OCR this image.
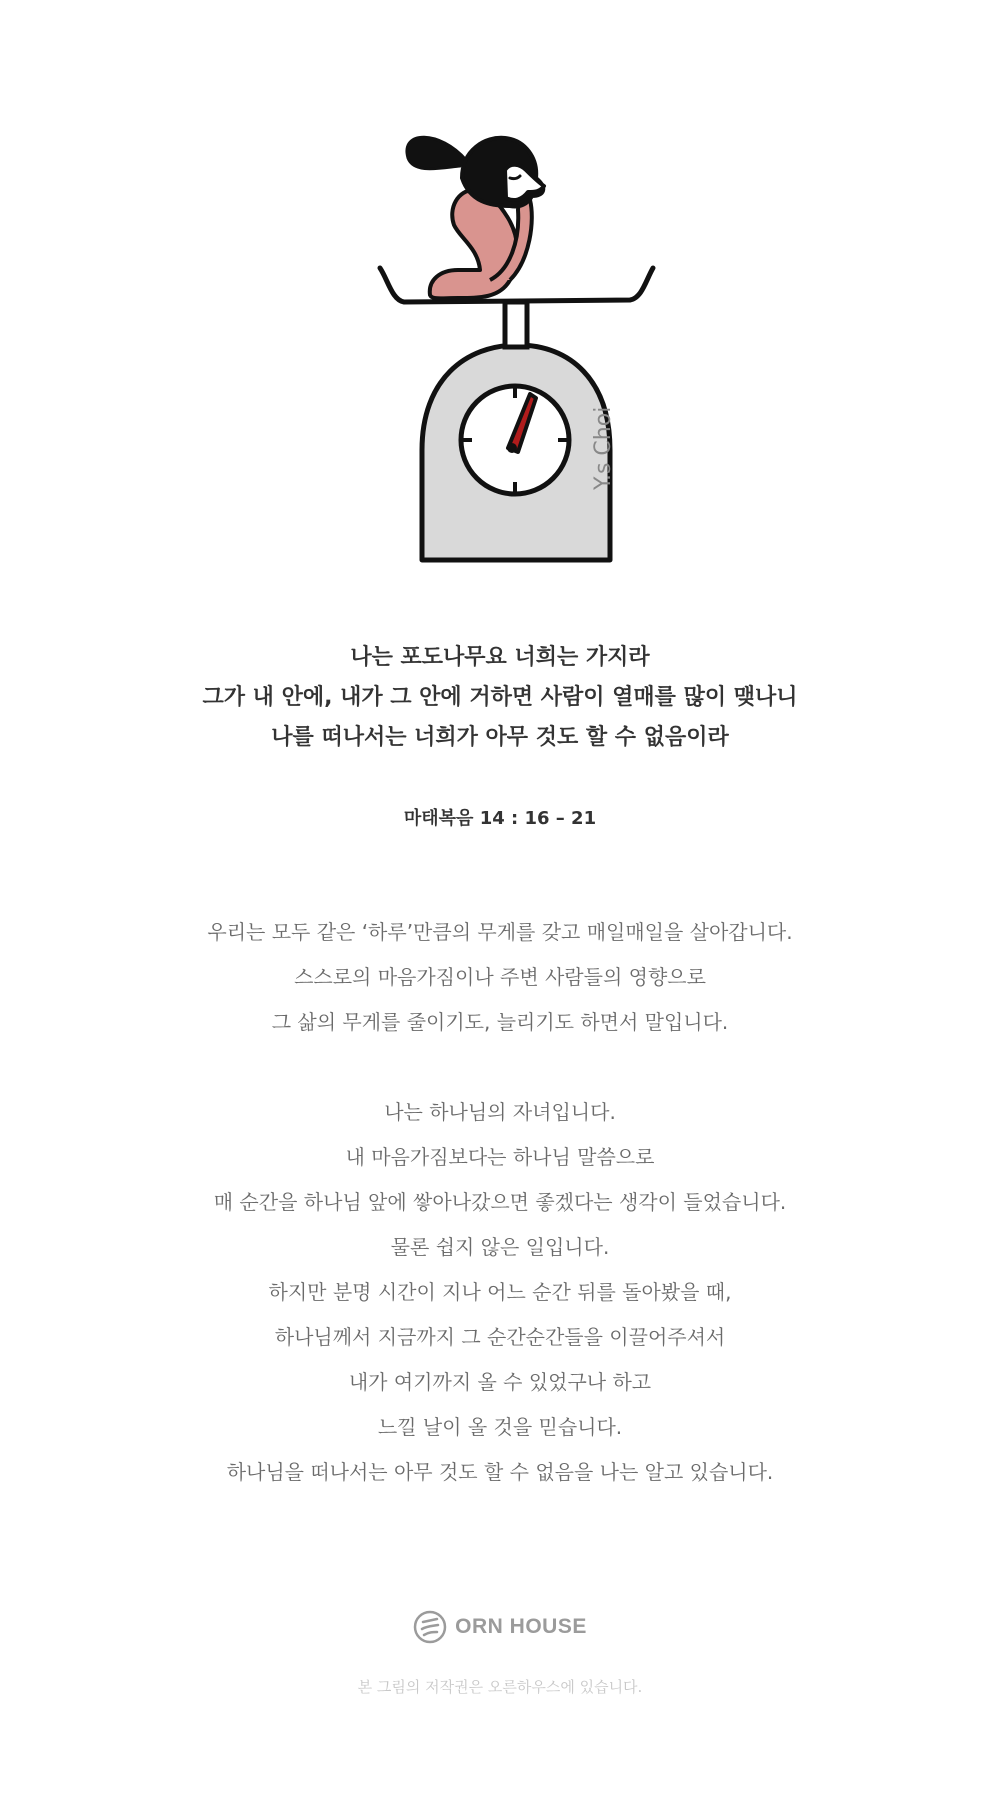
Y.s Choi
나는 포도나무요 너희는 가지라
그가 내 안에, 내가 그 안에 거하면 사람이 열매를 많이 맺나니
나를 떠나서는 너희가 아무 것도 할 수 없음이라
마태복음 14 : 16 – 21
우리는 모두 같은 ‘하루’만큼의 무게를 갖고 매일매일을 살아갑니다.
스스로의 마음가짐이나 주변 사람들의 영향으로
그 삶의 무게를 줄이기도, 늘리기도 하면서 말입니다.
나는 하나님의 자녀입니다.
내 마음가짐보다는 하나님 말씀으로
매 순간을 하나님 앞에 쌓아나갔으면 좋겠다는 생각이 들었습니다.
물론 쉽지 않은 일입니다.
하지만 분명 시간이 지나 어느 순간 뒤를 돌아봤을 때,
하나님께서 지금까지 그 순간순간들을 이끌어주셔서
내가 여기까지 올 수 있었구나 하고
느낄 날이 올 것을 믿습니다.
하나님을 떠나서는 아무 것도 할 수 없음을 나는 알고 있습니다.
ORN HOUSE
본 그림의 저작권은 오른하우스에 있습니다.
